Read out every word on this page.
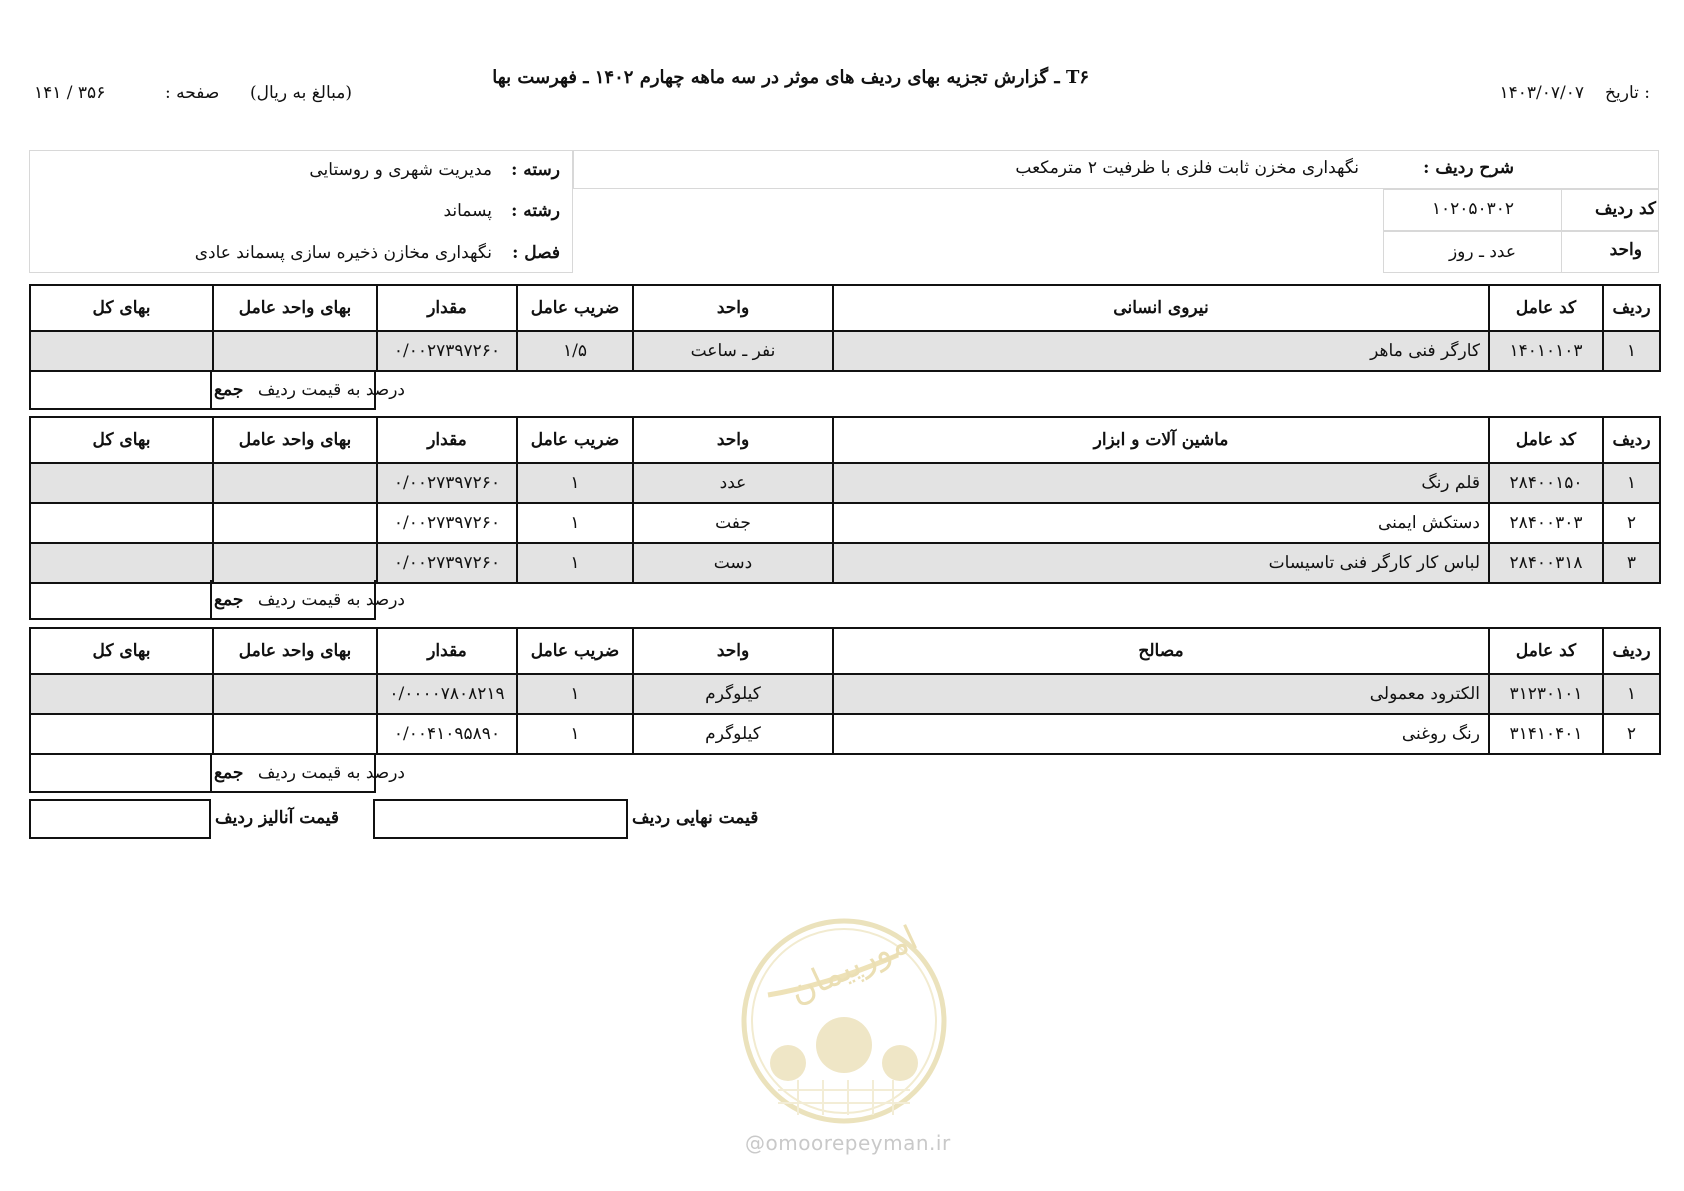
T۶ ـ گزارش تجزیه بهای ردیف های موثر در سه ماهه چهارم ۱۴۰۲ ـ فهرست بها
تاریخ :
۱۴۰۳/۰۷/۰۷
(مبالغ به ریال)
صفحه :
۱۴۱ / ۳۵۶
شرح ردیف :
نگهداری مخزن ثابت فلزی با ظرفیت ۲ مترمکعب
کد ردیف
۱۰۲۰۵۰۳۰۲
واحد
عدد ـ روز
رسته :
مدیریت شهری و روستایی
رشته :
پسماند
فصل :
نگهداری مخازن ذخیره سازی پسماند عادی
ردیف	کد عامل	نیروی انسانی	واحد	ضریب عامل	مقدار	بهای واحد عامل	بهای کل
۱	۱۴۰۱۰۱۰۳	کارگر فنی ماهر	نفر ـ ساعت	۱/۵	۰/۰۰۲۷۳۹۷۲۶۰		
درصد به قیمت ردیف
جمع
ردیف	کد عامل	ماشین آلات و ابزار	واحد	ضریب عامل	مقدار	بهای واحد عامل	بهای کل
۱	۲۸۴۰۰۱۵۰	قلم رنگ	عدد	۱	۰/۰۰۲۷۳۹۷۲۶۰		
۲	۲۸۴۰۰۳۰۳	دستکش ایمنی	جفت	۱	۰/۰۰۲۷۳۹۷۲۶۰		
۳	۲۸۴۰۰۳۱۸	لباس کار کارگر فنی تاسیسات	دست	۱	۰/۰۰۲۷۳۹۷۲۶۰		
درصد به قیمت ردیف
جمع
ردیف	کد عامل	مصالح	واحد	ضریب عامل	مقدار	بهای واحد عامل	بهای کل
۱	۳۱۲۳۰۱۰۱	الکترود معمولی	کیلوگرم	۱	۰/۰۰۰۰۷۸۰۸۲۱۹		
۲	۳۱۴۱۰۴۰۱	رنگ روغنی	کیلوگرم	۱	۰/۰۰۴۱۰۹۵۸۹۰		
درصد به قیمت ردیف
جمع
قیمت نهایی ردیف
قیمت آنالیز ردیف
امورپیمان
@omoorepeyman.ir
